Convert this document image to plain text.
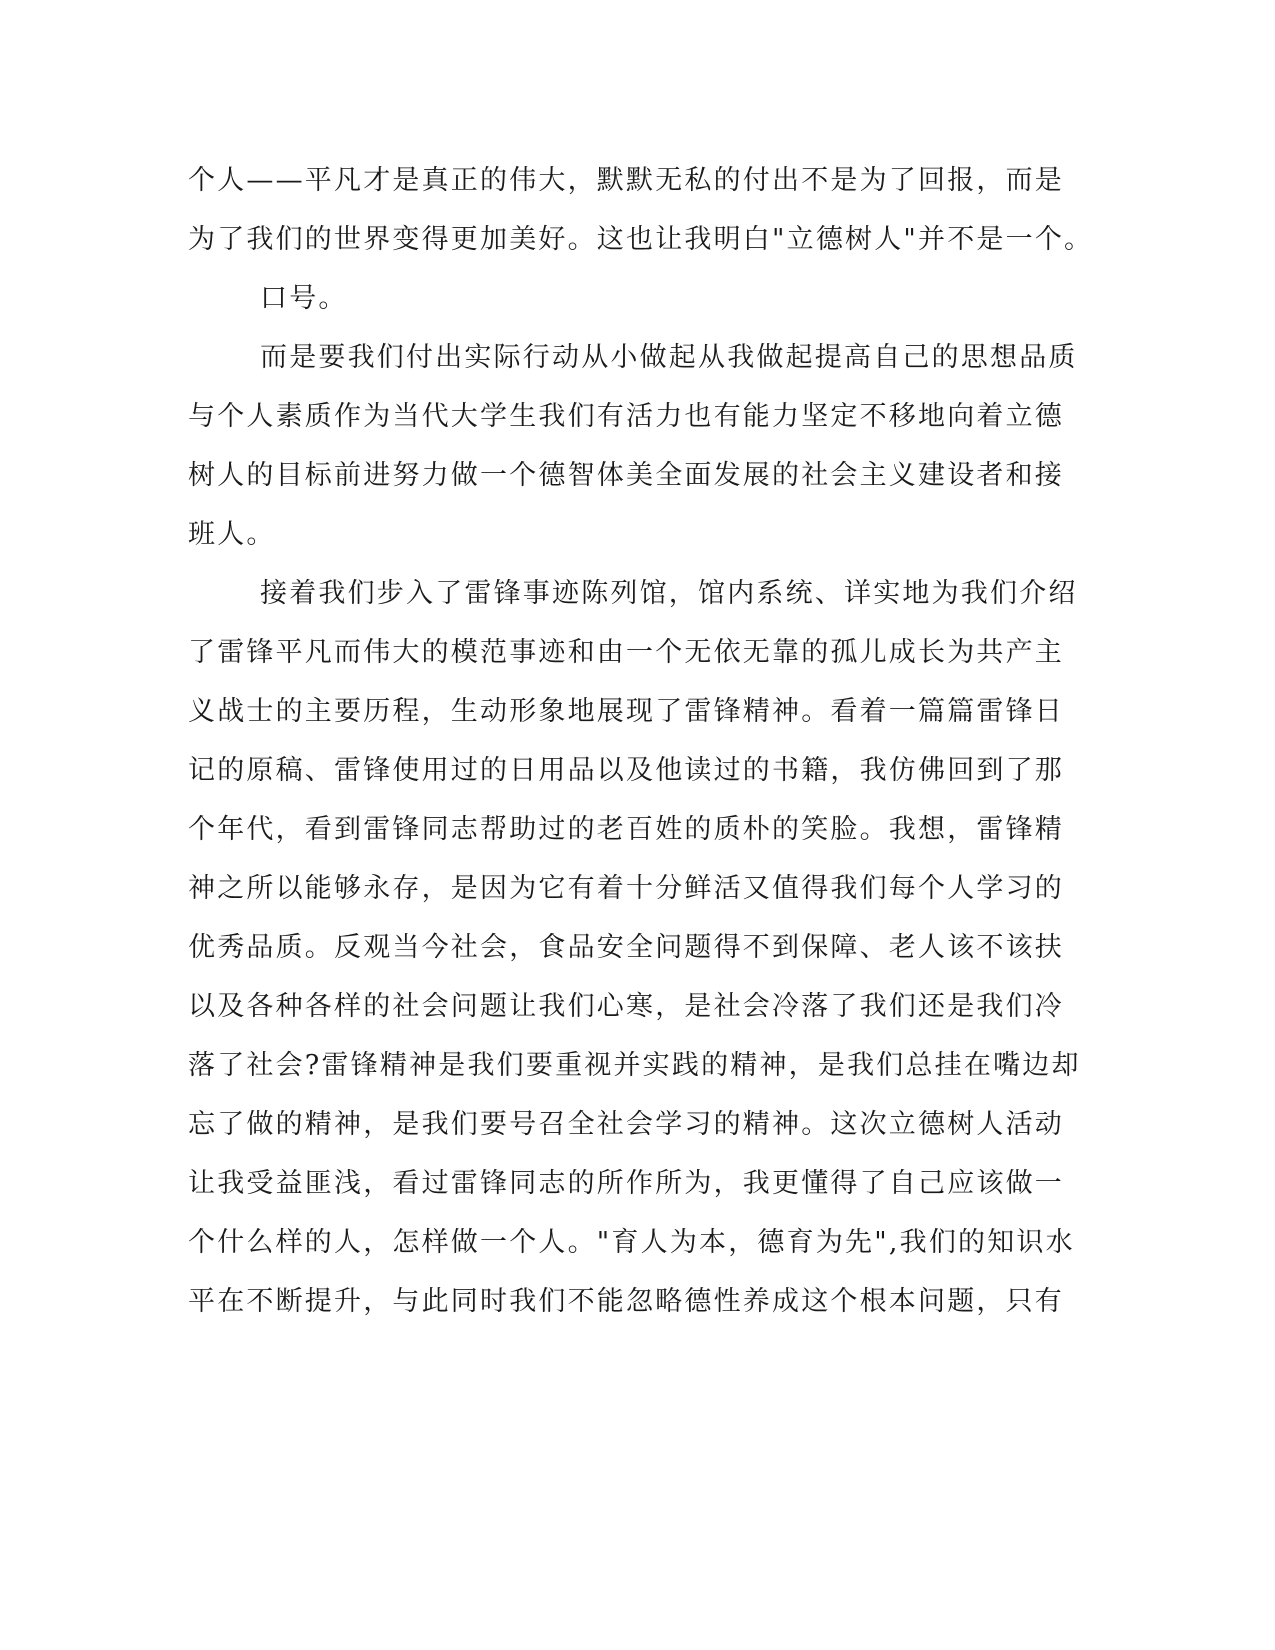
个人——平凡才是真正的伟大，默默无私的付出不是为了回报，而是
为了我们的世界变得更加美好。这也让我明白"立德树人"并不是一个。
口号。
而是要我们付出实际行动从小做起从我做起提高自己的思想品质
与个人素质作为当代大学生我们有活力也有能力坚定不移地向着立德
树人的目标前进努力做一个德智体美全面发展的社会主义建设者和接
班人。
接着我们步入了雷锋事迹陈列馆，馆内系统、详实地为我们介绍
了雷锋平凡而伟大的模范事迹和由一个无依无靠的孤儿成长为共产主
义战士的主要历程，生动形象地展现了雷锋精神。看着一篇篇雷锋日
记的原稿、雷锋使用过的日用品以及他读过的书籍，我仿佛回到了那
个年代，看到雷锋同志帮助过的老百姓的质朴的笑脸。我想，雷锋精
神之所以能够永存，是因为它有着十分鲜活又值得我们每个人学习的
优秀品质。反观当今社会，食品安全问题得不到保障、老人该不该扶
以及各种各样的社会问题让我们心寒，是社会冷落了我们还是我们冷
落了社会?雷锋精神是我们要重视并实践的精神，是我们总挂在嘴边却
忘了做的精神，是我们要号召全社会学习的精神。这次立德树人活动
让我受益匪浅，看过雷锋同志的所作所为，我更懂得了自己应该做一
个什么样的人，怎样做一个人。"育人为本，德育为先",我们的知识水
平在不断提升，与此同时我们不能忽略德性养成这个根本问题，只有
